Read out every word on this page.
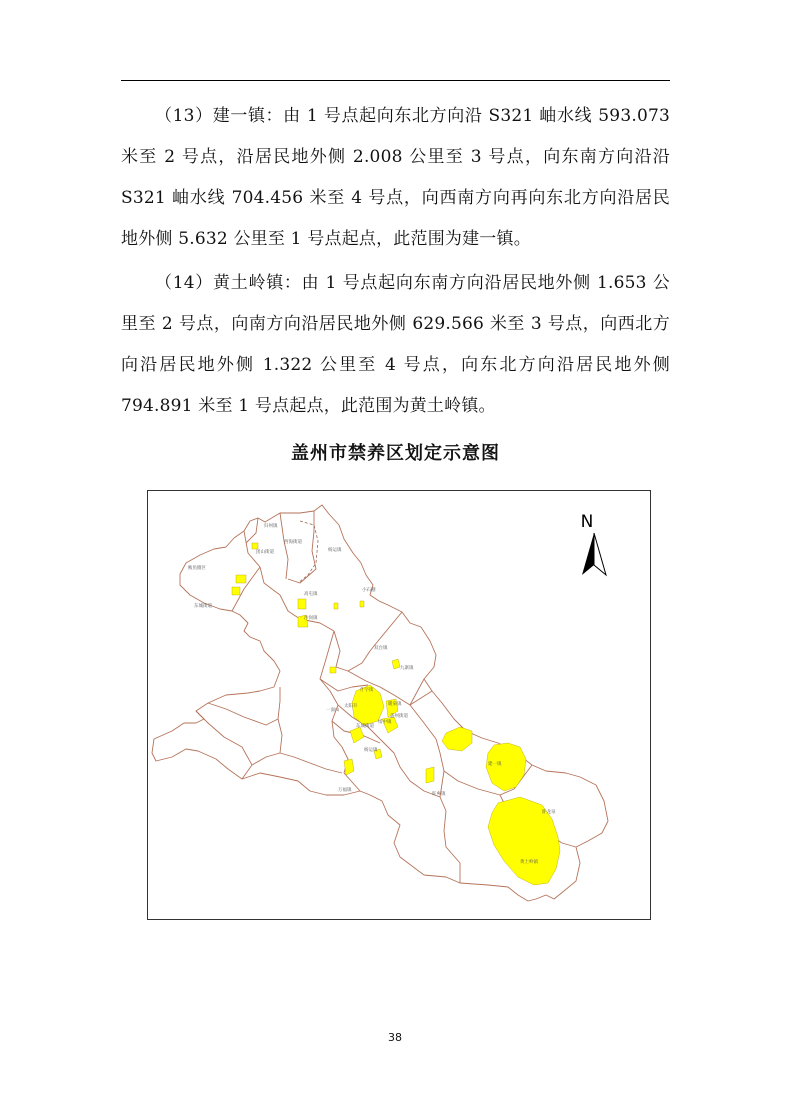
（13）建一镇：由 1 号点起向东北方向沿 S321 岫水线 593.073 米至 2 号点，沿居民地外侧 2.008 公里至 3 号点，向东南方向沿沿 S321 岫水线 704.456 米至 4 号点，向西南方向再向东北方向沿居民地外侧 5.632 公里至 1 号点起点，此范围为建一镇。

（14）黄土岭镇：由 1 号点起向东南方向沿居民地外侧 1.653 公里至 2 号点，向南方向沿居民地外侧 629.566 米至 3 号点，向西北方向沿居民地外侧 1.322 公里至 4 号点，向东北方向沿居民地外侧 794.891 米至 1 号点起点，此范围为黄土岭镇。

盖州市禁养区划定示意图
N
归州镇
西海街道
团山街道	杨运镇
鲅鱼圈区
东城街道
高屯镇
双台镇
沙岗镇
九寨镇
什字街
太阳升	暖泉镇
一面山
建一镇
黄土岭镇
卧龙泉
杨运镇
万福镇
旺乡镇
绥中镇
盖州街道
东城街道
小石棚
38
